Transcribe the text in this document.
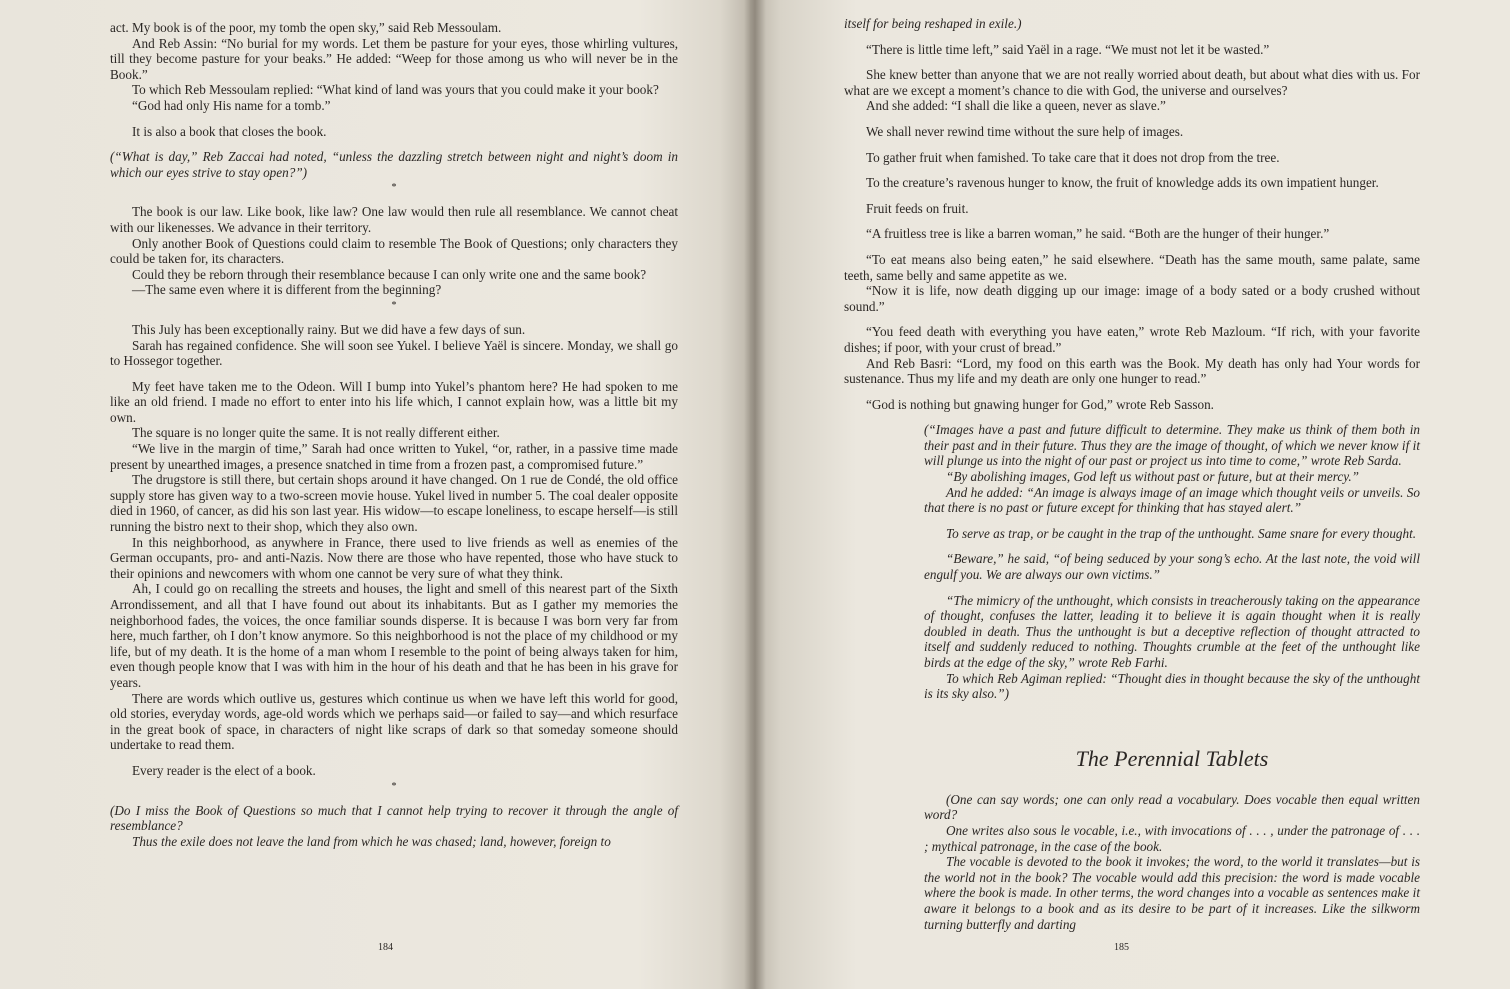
act. My book is of the poor, my tomb the open sky,” said Reb Messoulam.

And Reb Assin: “No burial for my words. Let them be pasture for your eyes, those whirling vultures, till they become pasture for your beaks.” He added: “Weep for those among us who will never be in the Book.”

To which Reb Messoulam replied: “What kind of land was yours that you could make it your book?

“God had only His name for a tomb.”

It is also a book that closes the book.

(“What is day,” Reb Zaccai had noted, “unless the dazzling stretch between night and night’s doom in which our eyes strive to stay open?”)

*

The book is our law. Like book, like law? One law would then rule all resemblance. We cannot cheat with our likenesses. We advance in their territory.

Only another Book of Questions could claim to resemble The Book of Questions; only characters they could be taken for, its characters.

Could they be reborn through their resemblance because I can only write one and the same book?

—The same even where it is different from the beginning?

*

This July has been exceptionally rainy. But we did have a few days of sun.

Sarah has regained confidence. She will soon see Yukel. I believe Yaël is sincere. Monday, we shall go to Hossegor together.

My feet have taken me to the Odeon. Will I bump into Yukel’s phantom here? He had spoken to me like an old friend. I made no effort to enter into his life which, I cannot explain how, was a little bit my own.

The square is no longer quite the same. It is not really different either.

“We live in the margin of time,” Sarah had once written to Yukel, “or, rather, in a passive time made present by unearthed images, a presence snatched in time from a frozen past, a compromised future.”

The drugstore is still there, but certain shops around it have changed. On 1 rue de Condé, the old office supply store has given way to a two-screen movie house. Yukel lived in number 5. The coal dealer opposite died in 1960, of cancer, as did his son last year. His widow—to escape loneliness, to escape herself—is still running the bistro next to their shop, which they also own.

In this neighborhood, as anywhere in France, there used to live friends as well as enemies of the German occupants, pro- and anti-Nazis. Now there are those who have repented, those who have stuck to their opinions and newcomers with whom one cannot be very sure of what they think.

Ah, I could go on recalling the streets and houses, the light and smell of this nearest part of the Sixth Arrondissement, and all that I have found out about its inhabitants. But as I gather my memories the neighborhood fades, the voices, the once familiar sounds disperse. It is because I was born very far from here, much farther, oh I don’t know anymore. So this neighborhood is not the place of my childhood or my life, but of my death. It is the home of a man whom I resemble to the point of being always taken for him, even though people know that I was with him in the hour of his death and that he has been in his grave for years.

There are words which outlive us, gestures which continue us when we have left this world for good, old stories, everyday words, age-old words which we perhaps said—or failed to say—and which resurface in the great book of space, in characters of night like scraps of dark so that someday someone should undertake to read them.

Every reader is the elect of a book.

*

(Do I miss the Book of Questions so much that I cannot help trying to recover it through the angle of resemblance?

Thus the exile does not leave the land from which he was chased; land, however, foreign to

184

itself for being reshaped in exile.)

“There is little time left,” said Yaël in a rage. “We must not let it be wasted.”

She knew better than anyone that we are not really worried about death, but about what dies with us. For what are we except a moment’s chance to die with God, the universe and ourselves?

And she added: “I shall die like a queen, never as slave.”

We shall never rewind time without the sure help of images.

To gather fruit when famished. To take care that it does not drop from the tree.

To the creature’s ravenous hunger to know, the fruit of knowledge adds its own impatient hunger.

Fruit feeds on fruit.

“A fruitless tree is like a barren woman,” he said. “Both are the hunger of their hunger.”

“To eat means also being eaten,” he said elsewhere. “Death has the same mouth, same palate, same teeth, same belly and same appetite as we.

“Now it is life, now death digging up our image: image of a body sated or a body crushed without sound.”

“You feed death with everything you have eaten,” wrote Reb Mazloum. “If rich, with your favorite dishes; if poor, with your crust of bread.”

And Reb Basri: “Lord, my food on this earth was the Book. My death has only had Your words for sustenance. Thus my life and my death are only one hunger to read.”

“God is nothing but gnawing hunger for God,” wrote Reb Sasson.

(“Images have a past and future difficult to determine. They make us think of them both in their past and in their future. Thus they are the image of thought, of which we never know if it will plunge us into the night of our past or project us into time to come,” wrote Reb Sarda.

“By abolishing images, God left us without past or future, but at their mercy.”

And he added: “An image is always image of an image which thought veils or unveils. So that there is no past or future except for thinking that has stayed alert.”

To serve as trap, or be caught in the trap of the unthought. Same snare for every thought.

“Beware,” he said, “of being seduced by your song’s echo. At the last note, the void will engulf you. We are always our own victims.”

“The mimicry of the unthought, which consists in treacherously taking on the appearance of thought, confuses the latter, leading it to believe it is again thought when it is really doubled in death. Thus the unthought is but a deceptive reflection of thought attracted to itself and suddenly reduced to nothing. Thoughts crumble at the feet of the unthought like birds at the edge of the sky,” wrote Reb Farhi.

To which Reb Agiman replied: “Thought dies in thought because the sky of the unthought is its sky also.”)

The Perennial Tablets

(One can say words; one can only read a vocabulary. Does vocable then equal written word?

One writes also sous le vocable, i.e., with invocations of . . . , under the patronage of . . . ; mythical patronage, in the case of the book.

The vocable is devoted to the book it invokes; the word, to the world it translates—but is the world not in the book? The vocable would add this precision: the word is made vocable where the book is made. In other terms, the word changes into a vocable as sentences make it aware it belongs to a book and as its desire to be part of it increases. Like the silkworm turning butterfly and darting

185
